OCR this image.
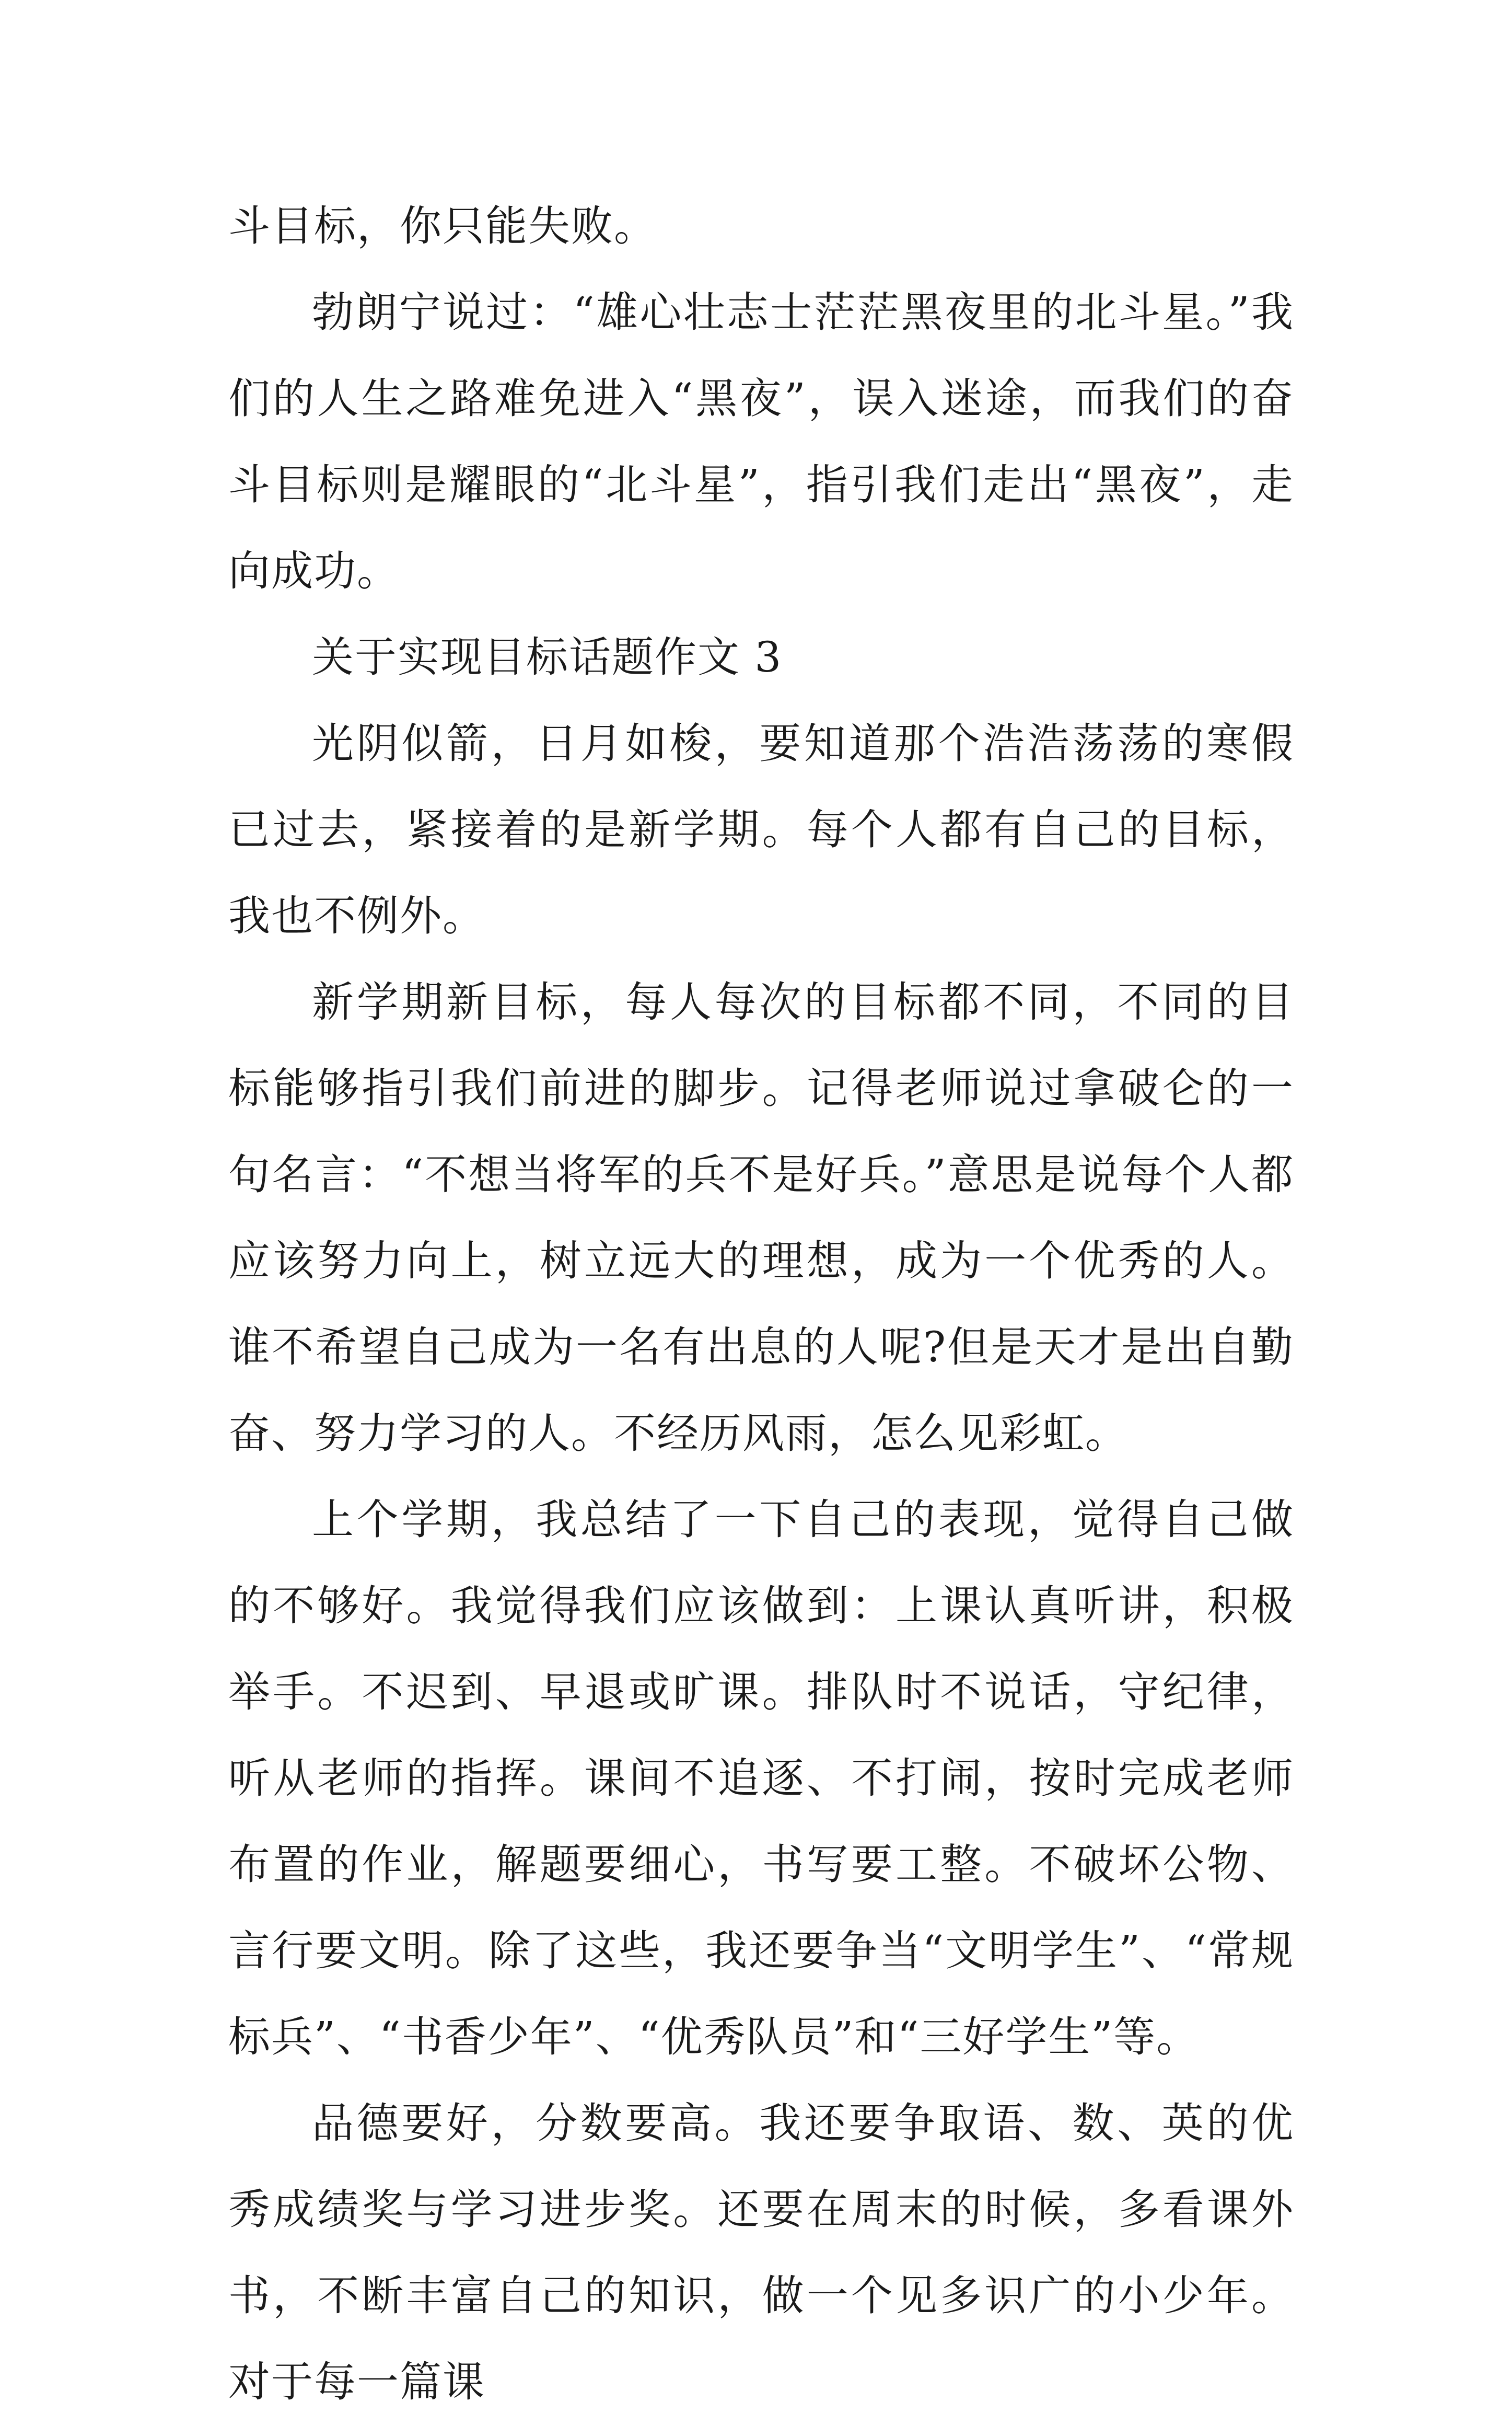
斗目标，你只能失败。

勃朗宁说过：“雄心壮志士茫茫黑夜里的北斗星。”我们的人生之路难免进入“黑夜”，误入迷途，而我们的奋斗目标则是耀眼的“北斗星”，指引我们走出“黑夜”，走向成功。

关于实现目标话题作文 3

光阴似箭，日月如梭，要知道那个浩浩荡荡的寒假已过去，紧接着的是新学期。每个人都有自己的目标，我也不例外。

新学期新目标，每人每次的目标都不同，不同的目标能够指引我们前进的脚步。记得老师说过拿破仑的一句名言：“不想当将军的兵不是好兵。”意思是说每个人都应该努力向上，树立远大的理想，成为一个优秀的人。谁不希望自己成为一名有出息的人呢?但是天才是出自勤奋、努力学习的人。不经历风雨，怎么见彩虹。

上个学期，我总结了一下自己的表现，觉得自己做的不够好。我觉得我们应该做到：上课认真听讲，积极举手。不迟到、早退或旷课。排队时不说话，守纪律，听从老师的指挥。课间不追逐、不打闹，按时完成老师布置的作业，解题要细心，书写要工整。不破坏公物、言行要文明。除了这些，我还要争当“文明学生”、“常规标兵”、“书香少年”、“优秀队员”和“三好学生”等。

品德要好，分数要高。我还要争取语、数、英的优秀成绩奖与学习进步奖。还要在周末的时候，多看课外书，不断丰富自己的知识，做一个见多识广的小少年。对于每一篇课
